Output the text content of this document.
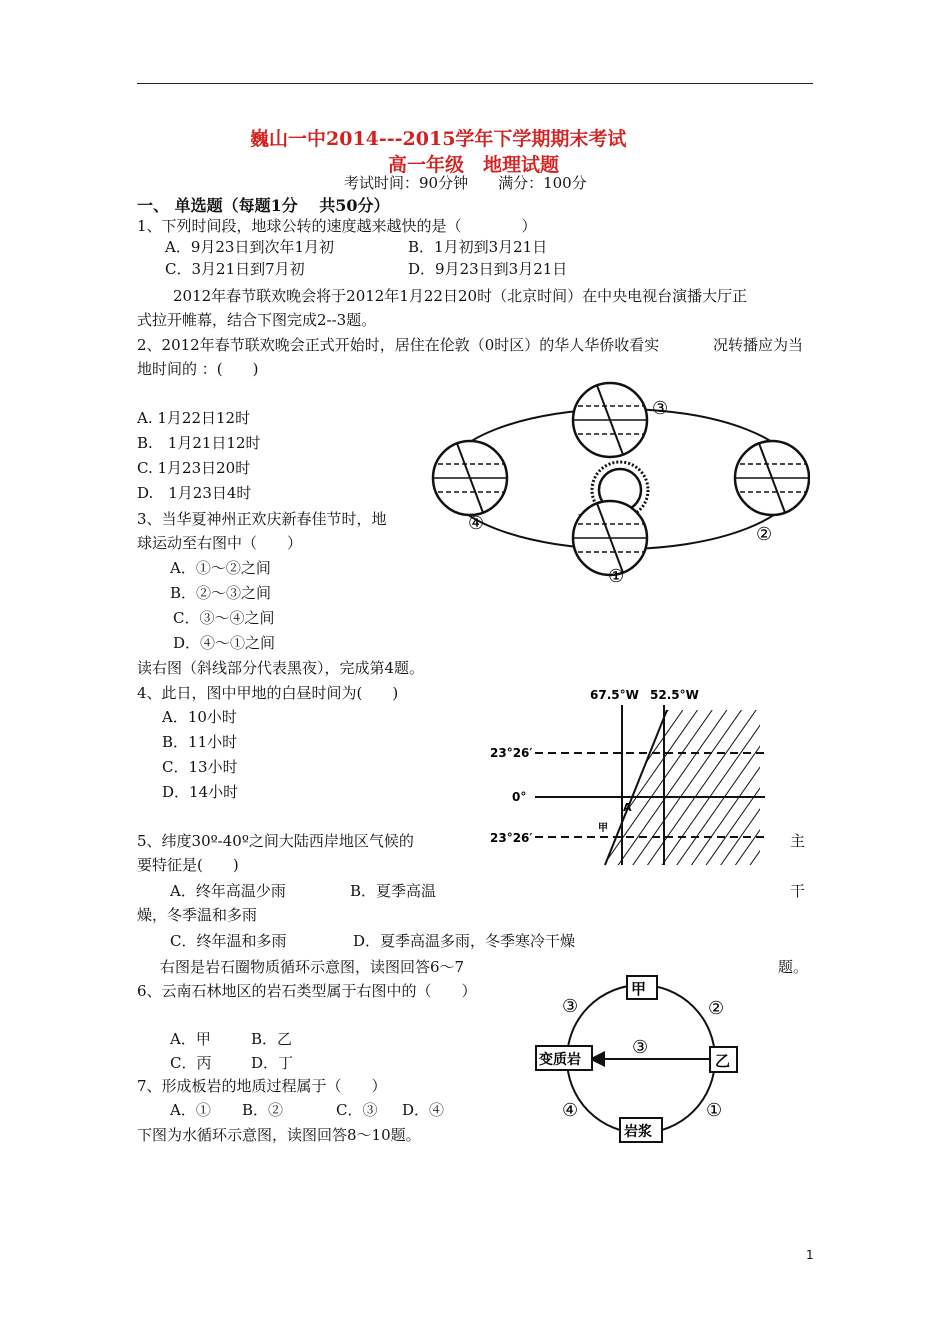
巍山一中2014---2015学年下学期期末考试
高一年级　地理试题
考试时间：90分钟　　满分：100分
一、 单选题（每题1分　 共50分）
1、下列时间段，地球公转的速度越来越快的是（　　　　）
A．9月23日到次年1月初	B．1月初到3月21日
C．3月21日到7月初	D．9月23日到3月21日
2012年春节联欢晚会将于2012年1月22日20时（北京时间）在中央电视台演播大厅正
式拉开帷幕，结合下图完成2--3题。
2、2012年春节联欢晚会正式开始时，居住在伦敦（0时区）的华人华侨收看实	况转播应为当
地时间的 ：(　　)
A. 1月22日12时
B.　1月21日12时
C. 1月23日20时
D.　1月23日4时
3、当华夏神州正欢庆新春佳节时，地
球运动至右图中（　　）
A．①～②之间
B．②～③之间
C．③～④之间
D．④～①之间
①
②
③
④
读右图（斜线部分代表黑夜），完成第4题。
4、此日，图中甲地的白昼时间为(　　)
A．10小时
B．11小时
C．13小时
D．14小时
67.5°W 52.5°W
23°26′
0°
23°26′
A
甲
5、纬度30º-40º之间大陆西岸地区气候的	主
要特征是(　　)
A．终年高温少雨	B．夏季高温	干
燥，冬季温和多雨
C．终年温和多雨	D．夏季高温多雨，冬季寒冷干燥
右图是岩石圈物质循环示意图，读图回答6～7	题。
6、云南石林地区的岩石类型属于右图中的（　　）
A．甲	B．乙
C．丙	D．丁
7、形成板岩的地质过程属于（　　）
A．① B．②	C．③ D．④
下图为水循环示意图，读图回答8～10题。
甲
乙
变质岩
岩浆
①
②
③
④
③
1
